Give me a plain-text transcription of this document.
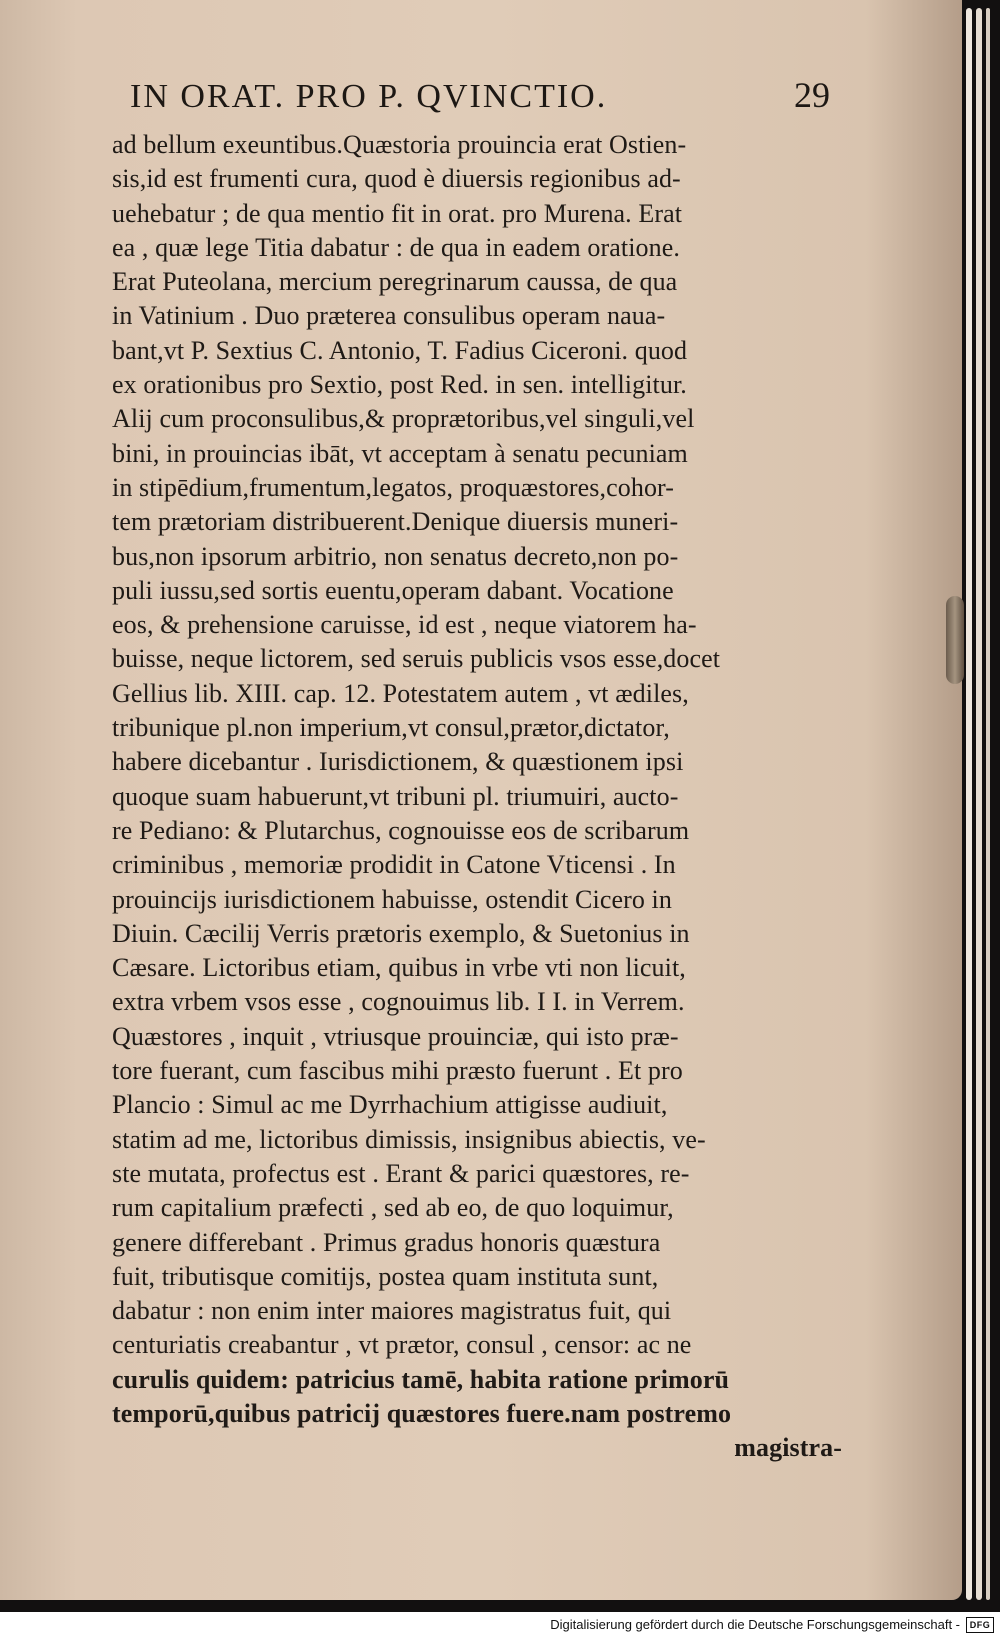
IN ORAT. PRO P. QVINCTIO.	29
ad bellum exeuntibus.Quæstoria prouincia erat Ostien-
sis,id est frumenti cura, quod è diuersis regionibus ad-
uehebatur ; de qua mentio fit in orat. pro Murena. Erat
ea , quæ lege Titia dabatur : de qua in eadem oratione.
Erat Puteolana, mercium peregrinarum caussa, de qua
in Vatinium . Duo præterea consulibus operam naua-
bant,vt P. Sextius C. Antonio, T. Fadius Ciceroni. quod
ex orationibus pro Sextio, post Red. in sen. intelligitur.
Alij cum proconsulibus,& proprætoribus,vel singuli,vel
bini, in prouincias ibāt, vt acceptam à senatu pecuniam
in stipēdium,frumentum,legatos, proquæstores,cohor-
tem prætoriam distribuerent.Denique diuersis muneri-
bus,non ipsorum arbitrio, non senatus decreto,non po-
puli iussu,sed sortis euentu,operam dabant. Vocatione
eos, & prehensione caruisse, id est , neque viatorem ha-
buisse, neque lictorem, sed seruis publicis vsos esse,docet
Gellius lib. XIII. cap. 12. Potestatem autem , vt ædiles,
tribunique pl.non imperium,vt consul,prætor,dictator,
habere dicebantur . Iurisdictionem, & quæstionem ipsi
quoque suam habuerunt,vt tribuni pl. triumuiri, aucto-
re Pediano: & Plutarchus, cognouisse eos de scribarum
criminibus , memoriæ prodidit in Catone Vticensi . In
prouincijs iurisdictionem habuisse, ostendit Cicero in
Diuin. Cæcilij Verris prætoris exemplo, & Suetonius in
Cæsare. Lictoribus etiam, quibus in vrbe vti non licuit,
extra vrbem vsos esse , cognouimus lib. I I. in Verrem.
Quæstores , inquit , vtriusque prouinciæ, qui isto præ-
tore fuerant, cum fascibus mihi præsto fuerunt . Et pro
Plancio : Simul ac me Dyrrhachium attigisse audiuit,
statim ad me, lictoribus dimissis, insignibus abiectis, ve-
ste mutata, profectus est . Erant & parici quæstores, re-
rum capitalium præfecti , sed ab eo, de quo loquimur,
genere differebant . Primus gradus honoris quæstura
fuit, tributisque comitijs, postea quam instituta sunt,
dabatur : non enim inter maiores magistratus fuit, qui
centuriatis creabantur , vt prætor, consul , censor: ac ne
curulis quidem: patricius tamē, habita ratione primorū
temporū,quibus patricij quæstores fuere.nam postremo
magistra-
Digitalisierung gefördert durch die Deutsche Forschungsgemeinschaft -	DFG
